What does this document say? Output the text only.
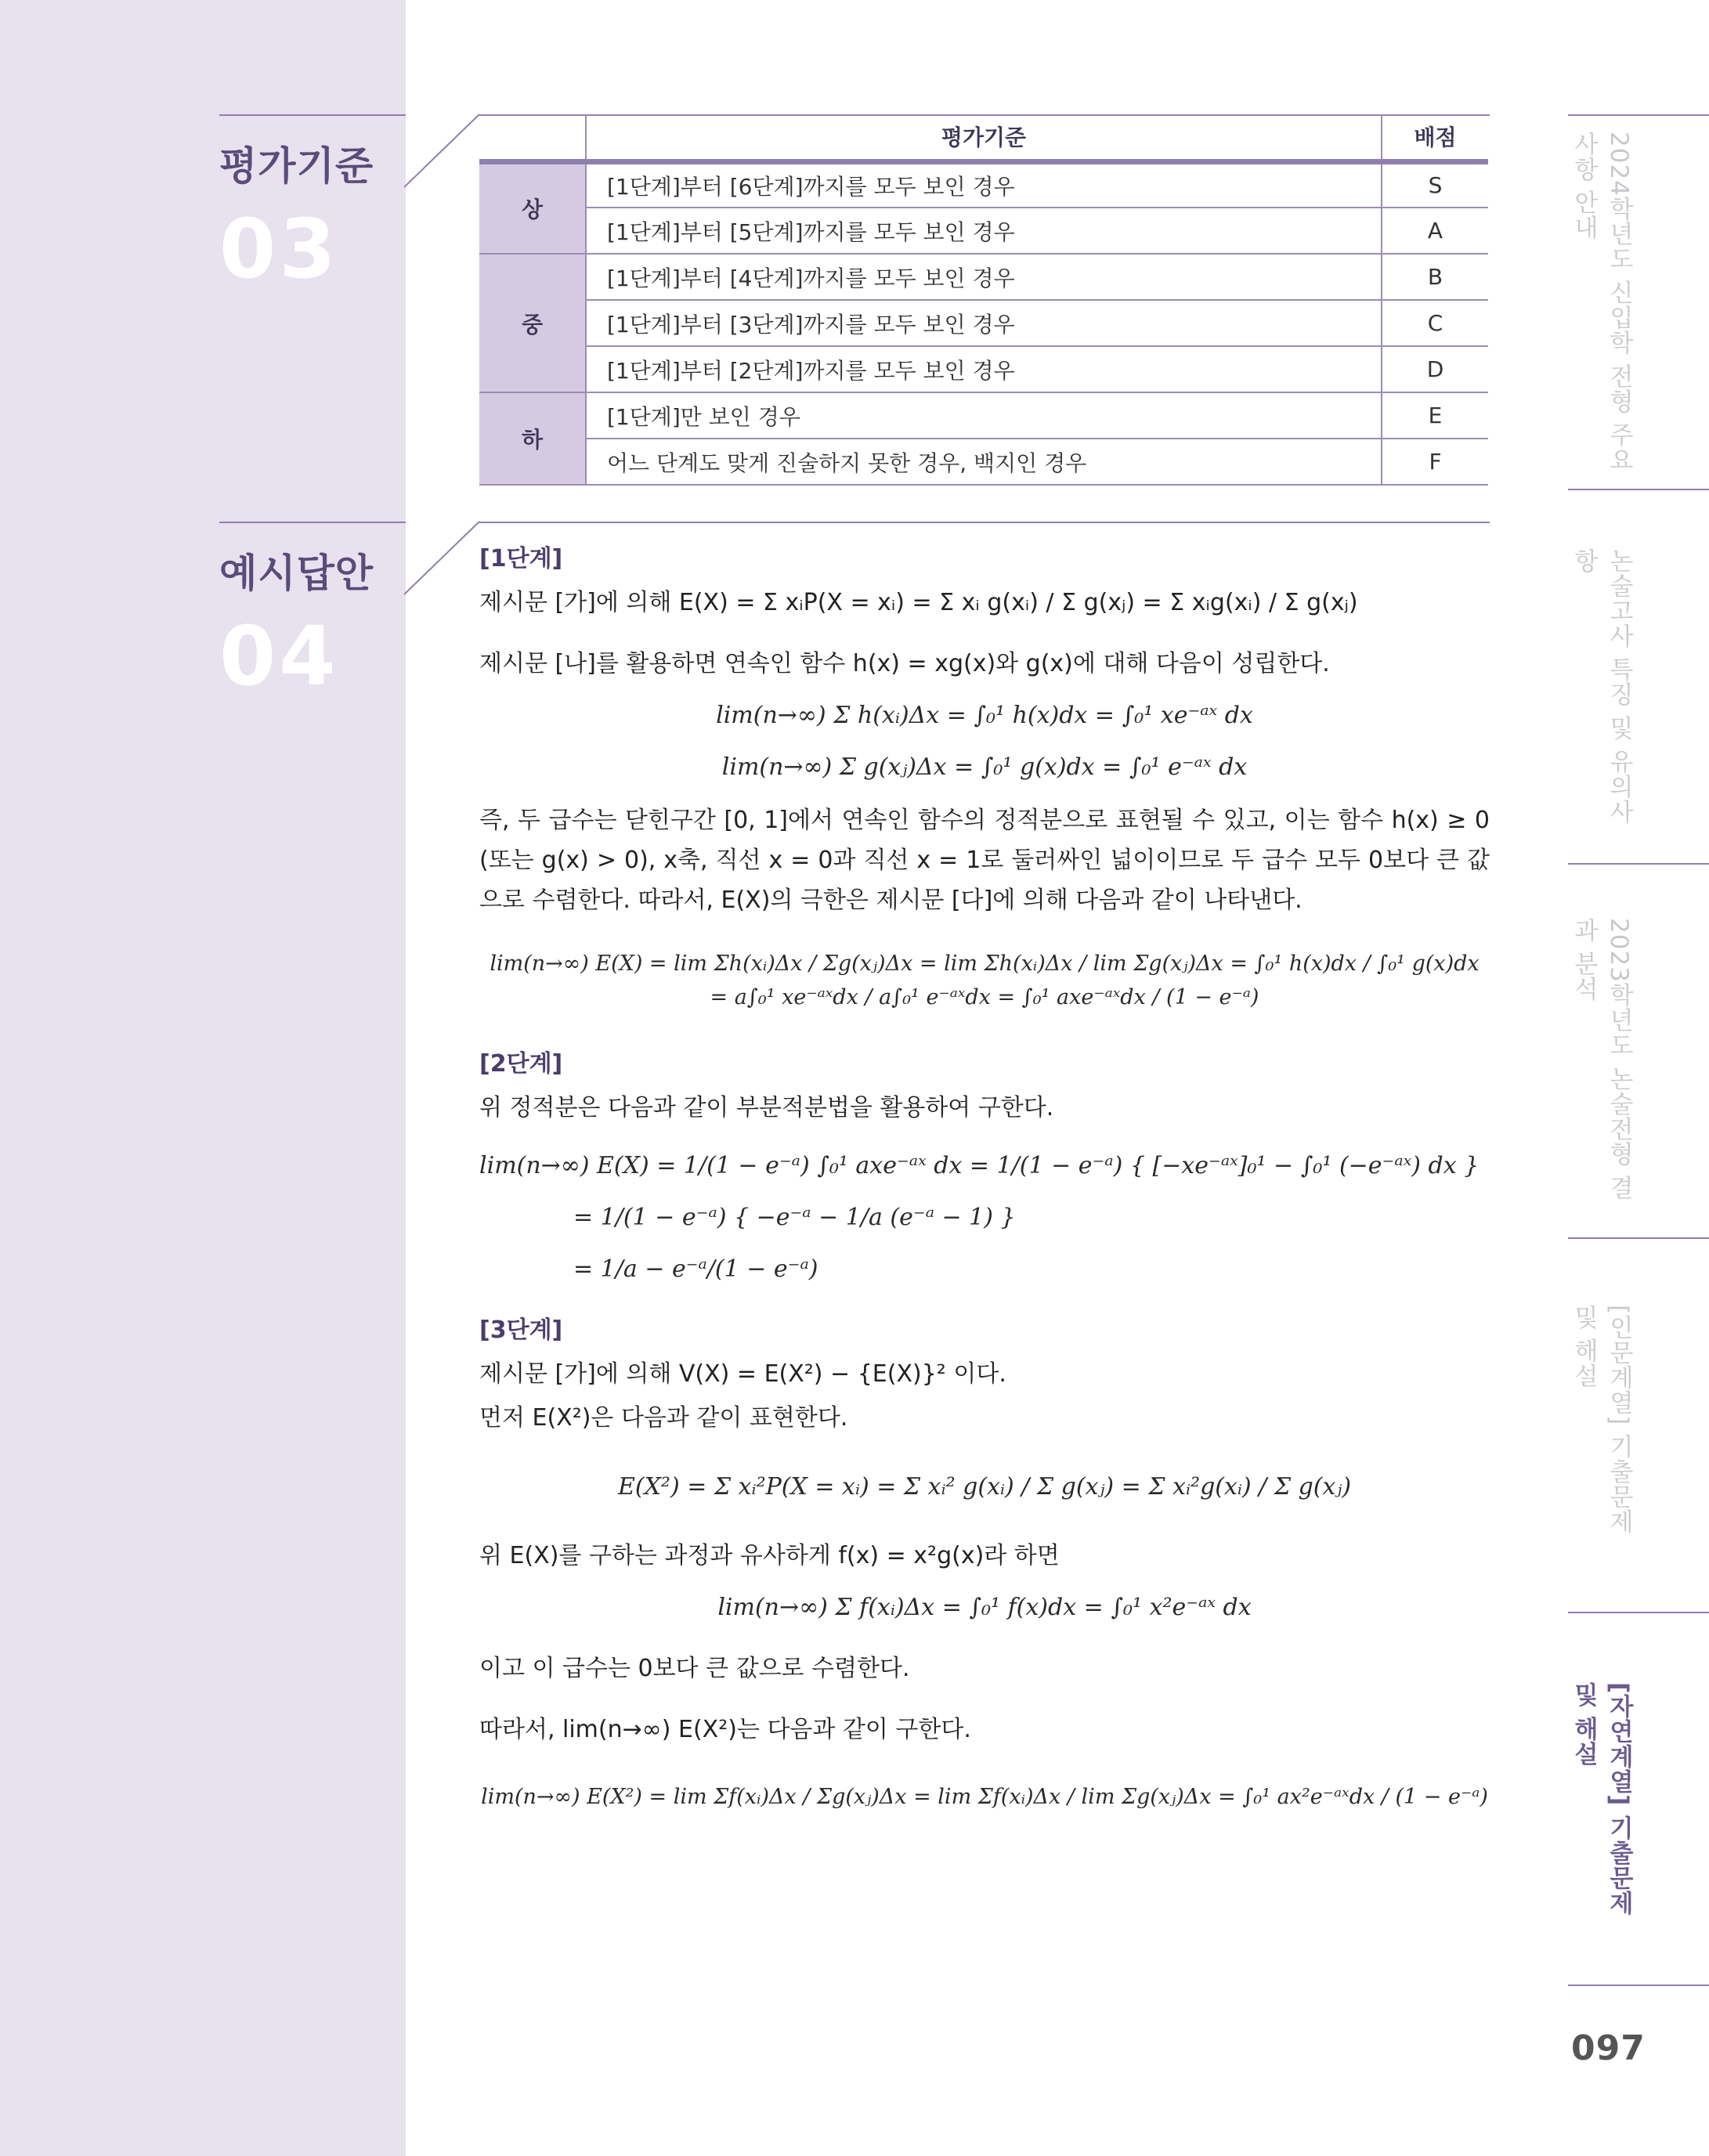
평가기준
03
	평가기준	배점
상	[1단계]부터 [6단계]까지를 모두 보인 경우	S
	[1단계]부터 [5단계]까지를 모두 보인 경우	A
중	[1단계]부터 [4단계]까지를 모두 보인 경우	B
	[1단계]부터 [3단계]까지를 모두 보인 경우	C
	[1단계]부터 [2단계]까지를 모두 보인 경우	D
하	[1단계]만 보인 경우	E
	어느 단계도 맞게 진술하지 못한 경우, 백지인 경우	F
예시답안
04
[1단계]
제시문 [가]에 의해 E(X) = Σ xᵢP(X = xᵢ) = Σ xᵢ g(xᵢ) / Σ g(xⱼ) = Σ xᵢg(xᵢ) / Σ g(xⱼ)
제시문 [나]를 활용하면 연속인 함수 h(x) = xg(x)와 g(x)에 대해 다음이 성립한다.
lim(n→∞) Σ h(xᵢ)Δx = ∫₀¹ h(x)dx = ∫₀¹ xe⁻ᵃˣ dx
lim(n→∞) Σ g(xⱼ)Δx = ∫₀¹ g(x)dx = ∫₀¹ e⁻ᵃˣ dx
즉, 두 급수는 닫힌구간 [0, 1]에서 연속인 함수의 정적분으로 표현될 수 있고, 이는 함수 h(x) ≥ 0 (또는 g(x) > 0), x축, 직선 x = 0과 직선 x = 1로 둘러싸인 넓이이므로 두 급수 모두 0보다 큰 값으로 수렴한다. 따라서, E(X)의 극한은 제시문 [다]에 의해 다음과 같이 나타낸다.
lim(n→∞) E(X) = lim Σh(xᵢ)Δx / Σg(xⱼ)Δx = lim Σh(xᵢ)Δx / lim Σg(xⱼ)Δx = ∫₀¹ h(x)dx / ∫₀¹ g(x)dx = a∫₀¹ xe⁻ᵃˣdx / a∫₀¹ e⁻ᵃˣdx = ∫₀¹ axe⁻ᵃˣdx / (1 − e⁻ᵃ)
[2단계]
위 정적분은 다음과 같이 부분적분법을 활용하여 구한다.
lim(n→∞) E(X) = 1/(1 − e⁻ᵃ) ∫₀¹ axe⁻ᵃˣ dx = 1/(1 − e⁻ᵃ) { [−xe⁻ᵃˣ]₀¹ − ∫₀¹ (−e⁻ᵃˣ) dx }
= 1/(1 − e⁻ᵃ) { −e⁻ᵃ − 1/a (e⁻ᵃ − 1) }
= 1/a − e⁻ᵃ/(1 − e⁻ᵃ)
[3단계]
제시문 [가]에 의해 V(X) = E(X²) − {E(X)}² 이다.
먼저 E(X²)은 다음과 같이 표현한다.
E(X²) = Σ xᵢ²P(X = xᵢ) = Σ xᵢ² g(xᵢ) / Σ g(xⱼ) = Σ xᵢ²g(xᵢ) / Σ g(xⱼ)
위 E(X)를 구하는 과정과 유사하게 f(x) = x²g(x)라 하면
lim(n→∞) Σ f(xᵢ)Δx = ∫₀¹ f(x)dx = ∫₀¹ x²e⁻ᵃˣ dx
이고 이 급수는 0보다 큰 값으로 수렴한다.
따라서, lim(n→∞) E(X²)는 다음과 같이 구한다.
lim(n→∞) E(X²) = lim Σf(xᵢ)Δx / Σg(xⱼ)Δx = lim Σf(xᵢ)Δx / lim Σg(xⱼ)Δx = ∫₀¹ ax²e⁻ᵃˣdx / (1 − e⁻ᵃ)
2024학년도 신입학 전형 주요사항 안내
논술고사 특징 및 유의사항
2023학년도 논술전형 결과 분석
[인문계열] 기출문제 및 해설
[자연계열] 기출문제 및 해설
097
